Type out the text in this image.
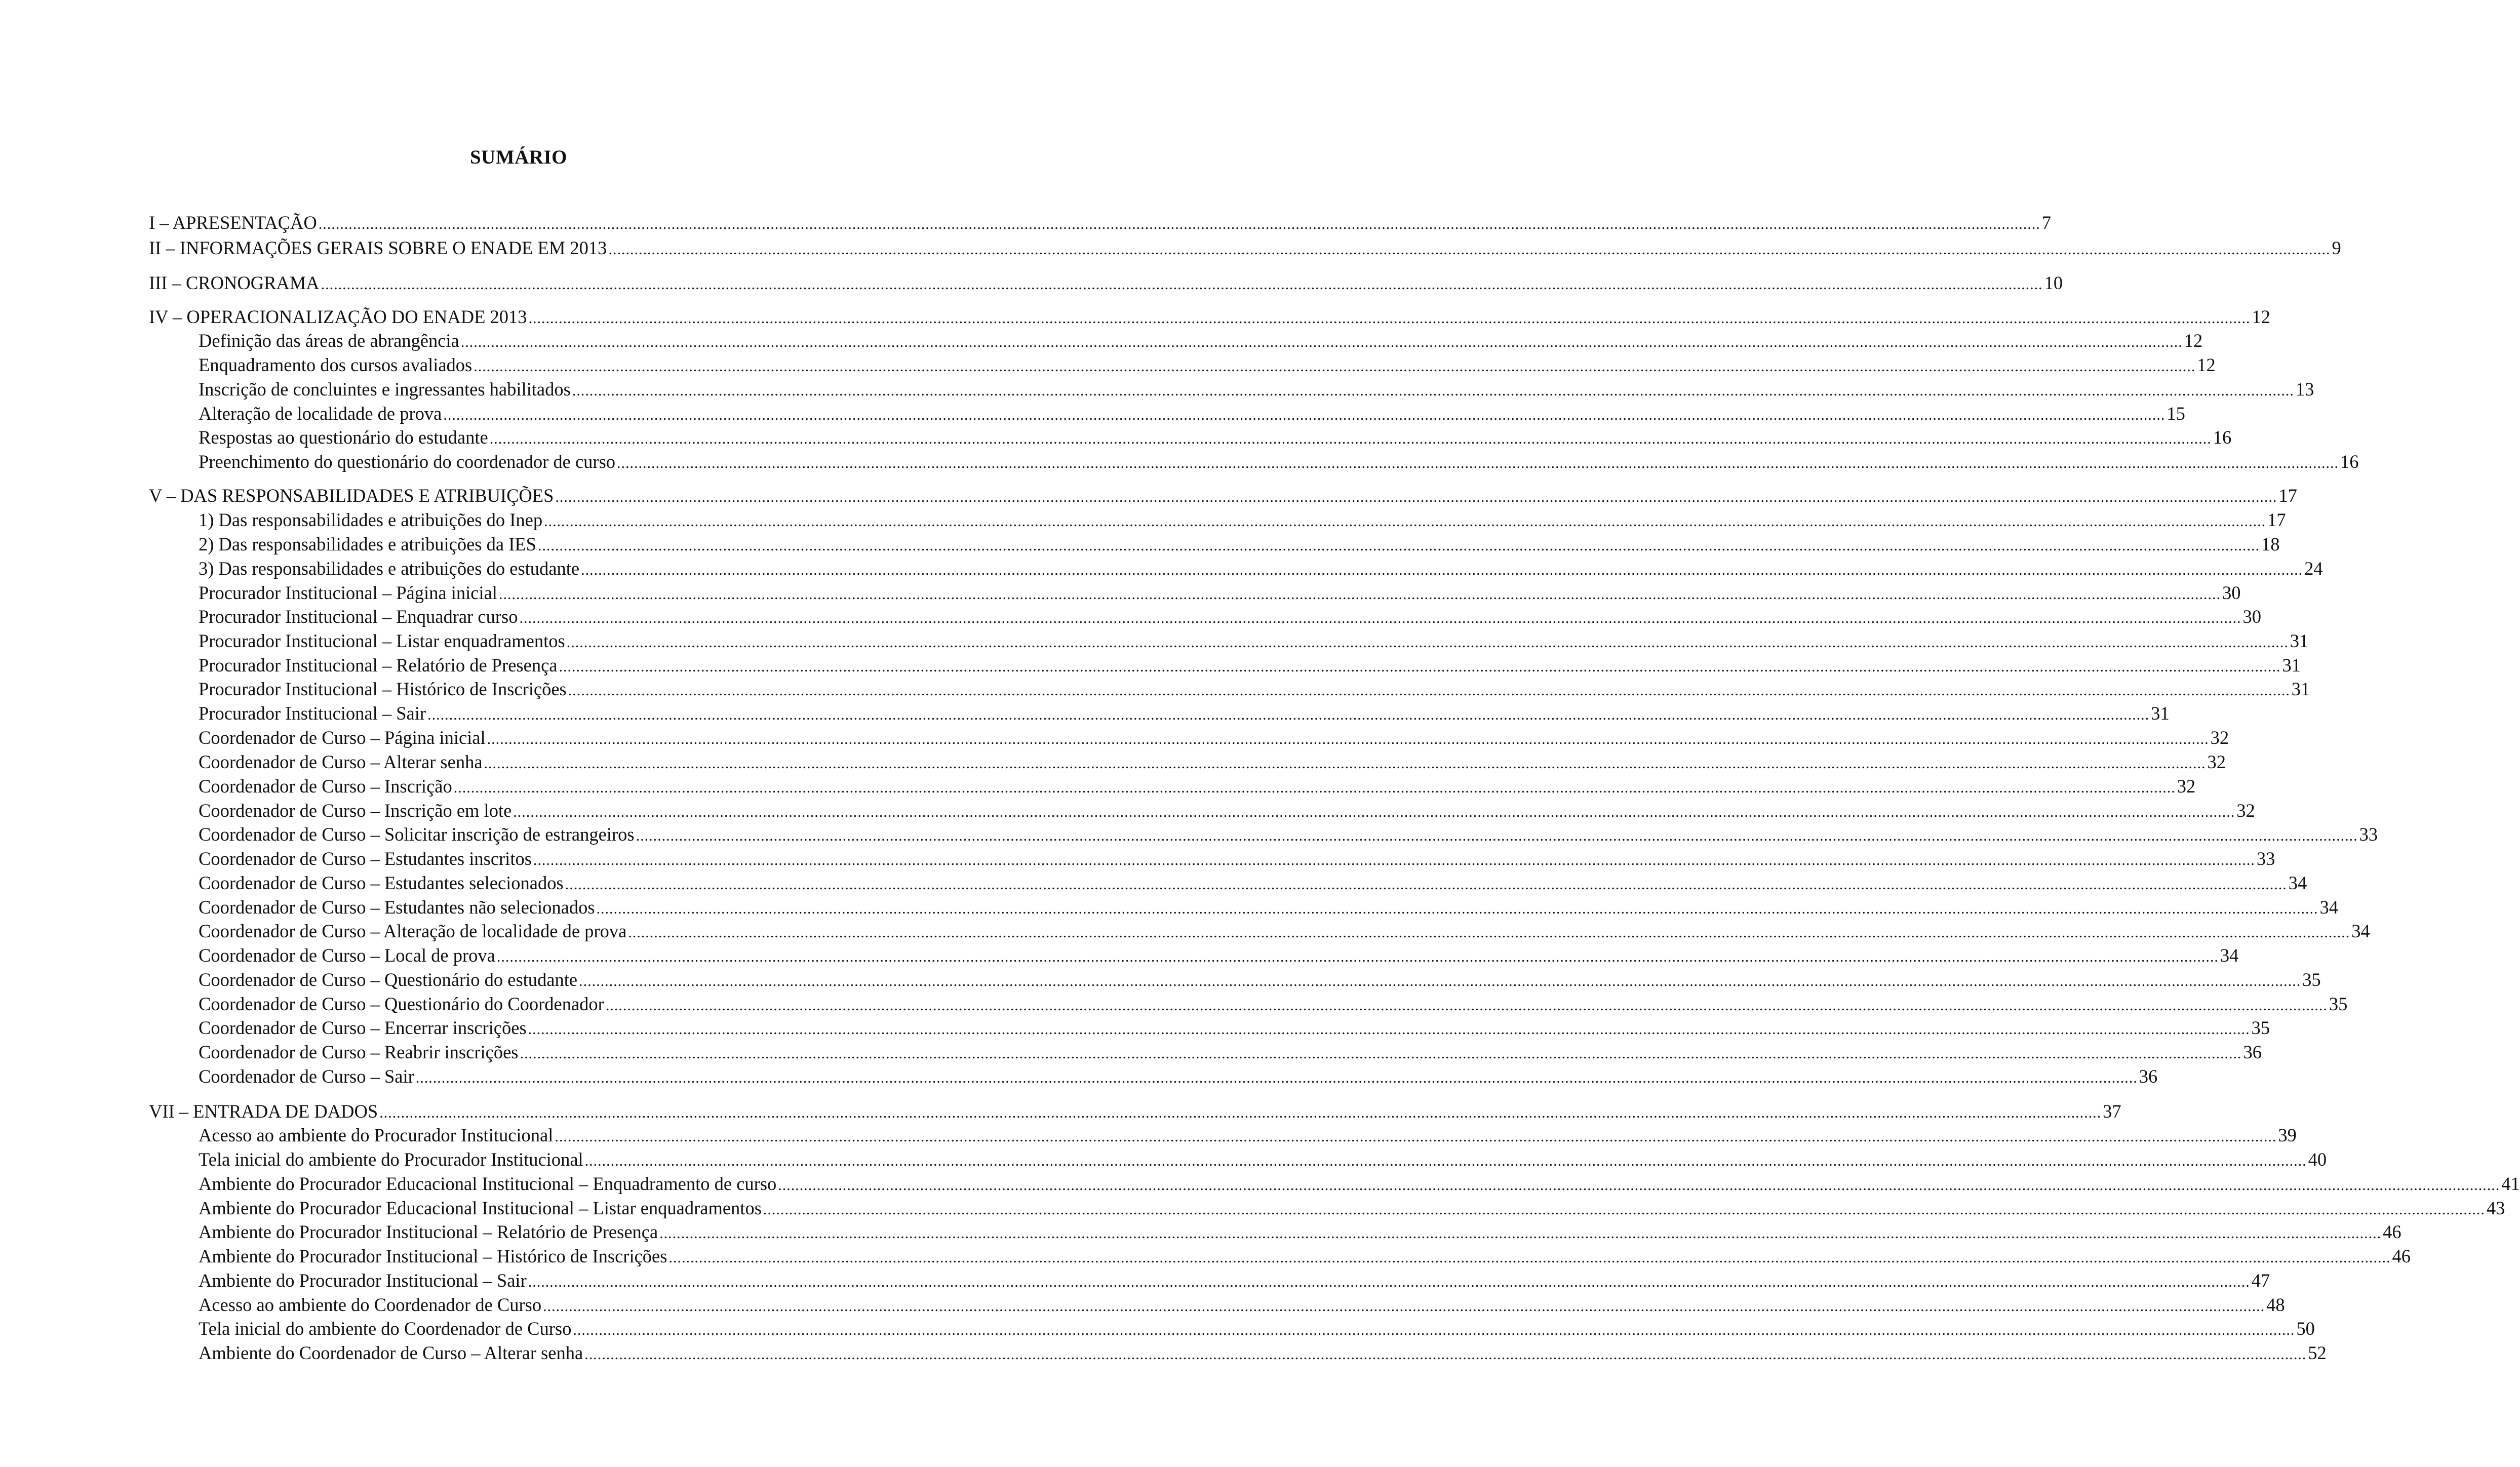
SUMÁRIO
I – APRESENTAÇÃO ................................................................................................................................................................................................................................................................................................................................................................................................................ 7
II – INFORMAÇÕES GERAIS SOBRE O ENADE EM 2013 ................................................................................................................................................................................................................................................................................................................................................................................................................ 9
III – CRONOGRAMA ................................................................................................................................................................................................................................................................................................................................................................................................................ 10
IV – OPERACIONALIZAÇÃO DO ENADE 2013 ................................................................................................................................................................................................................................................................................................................................................................................................................ 12
Definição das áreas de abrangência ................................................................................................................................................................................................................................................................................................................................................................................................................ 12
Enquadramento dos cursos avaliados ................................................................................................................................................................................................................................................................................................................................................................................................................ 12
Inscrição de concluintes e ingressantes habilitados ................................................................................................................................................................................................................................................................................................................................................................................................................ 13
Alteração de localidade de prova ................................................................................................................................................................................................................................................................................................................................................................................................................ 15
Respostas ao questionário do estudante ................................................................................................................................................................................................................................................................................................................................................................................................................ 16
Preenchimento do questionário do coordenador de curso ................................................................................................................................................................................................................................................................................................................................................................................................................ 16
V – DAS RESPONSABILIDADES E ATRIBUIÇÕES ................................................................................................................................................................................................................................................................................................................................................................................................................ 17
1) Das responsabilidades e atribuições do Inep ................................................................................................................................................................................................................................................................................................................................................................................................................ 17
2) Das responsabilidades e atribuições da IES ................................................................................................................................................................................................................................................................................................................................................................................................................ 18
3) Das responsabilidades e atribuições do estudante ................................................................................................................................................................................................................................................................................................................................................................................................................ 24
Procurador Institucional – Página inicial ................................................................................................................................................................................................................................................................................................................................................................................................................ 30
Procurador Institucional – Enquadrar curso ................................................................................................................................................................................................................................................................................................................................................................................................................ 30
Procurador Institucional – Listar enquadramentos ................................................................................................................................................................................................................................................................................................................................................................................................................ 31
Procurador Institucional – Relatório de Presença ................................................................................................................................................................................................................................................................................................................................................................................................................ 31
Procurador Institucional – Histórico de Inscrições ................................................................................................................................................................................................................................................................................................................................................................................................................ 31
Procurador Institucional – Sair ................................................................................................................................................................................................................................................................................................................................................................................................................ 31
Coordenador de Curso – Página inicial ................................................................................................................................................................................................................................................................................................................................................................................................................ 32
Coordenador de Curso – Alterar senha ................................................................................................................................................................................................................................................................................................................................................................................................................ 32
Coordenador de Curso – Inscrição ................................................................................................................................................................................................................................................................................................................................................................................................................ 32
Coordenador de Curso – Inscrição em lote ................................................................................................................................................................................................................................................................................................................................................................................................................ 32
Coordenador de Curso – Solicitar inscrição de estrangeiros ................................................................................................................................................................................................................................................................................................................................................................................................................ 33
Coordenador de Curso – Estudantes inscritos ................................................................................................................................................................................................................................................................................................................................................................................................................ 33
Coordenador de Curso – Estudantes selecionados ................................................................................................................................................................................................................................................................................................................................................................................................................ 34
Coordenador de Curso – Estudantes não selecionados ................................................................................................................................................................................................................................................................................................................................................................................................................ 34
Coordenador de Curso – Alteração de localidade de prova ................................................................................................................................................................................................................................................................................................................................................................................................................ 34
Coordenador de Curso – Local de prova ................................................................................................................................................................................................................................................................................................................................................................................................................ 34
Coordenador de Curso – Questionário do estudante ................................................................................................................................................................................................................................................................................................................................................................................................................ 35
Coordenador de Curso – Questionário do Coordenador ................................................................................................................................................................................................................................................................................................................................................................................................................ 35
Coordenador de Curso – Encerrar inscrições ................................................................................................................................................................................................................................................................................................................................................................................................................ 35
Coordenador de Curso – Reabrir inscrições ................................................................................................................................................................................................................................................................................................................................................................................................................ 36
Coordenador de Curso – Sair ................................................................................................................................................................................................................................................................................................................................................................................................................ 36
VII – ENTRADA DE DADOS ................................................................................................................................................................................................................................................................................................................................................................................................................ 37
Acesso ao ambiente do Procurador Institucional ................................................................................................................................................................................................................................................................................................................................................................................................................ 39
Tela inicial do ambiente do Procurador Institucional ................................................................................................................................................................................................................................................................................................................................................................................................................ 40
Ambiente do Procurador Educacional Institucional – Enquadramento de curso ................................................................................................................................................................................................................................................................................................................................................................................................................ 41
Ambiente do Procurador Educacional Institucional – Listar enquadramentos ................................................................................................................................................................................................................................................................................................................................................................................................................ 43
Ambiente do Procurador Institucional – Relatório de Presença ................................................................................................................................................................................................................................................................................................................................................................................................................ 46
Ambiente do Procurador Institucional – Histórico de Inscrições ................................................................................................................................................................................................................................................................................................................................................................................................................ 46
Ambiente do Procurador Institucional – Sair ................................................................................................................................................................................................................................................................................................................................................................................................................ 47
Acesso ao ambiente do Coordenador de Curso ................................................................................................................................................................................................................................................................................................................................................................................................................ 48
Tela inicial do ambiente do Coordenador de Curso ................................................................................................................................................................................................................................................................................................................................................................................................................ 50
Ambiente do Coordenador de Curso – Alterar senha ................................................................................................................................................................................................................................................................................................................................................................................................................ 52
